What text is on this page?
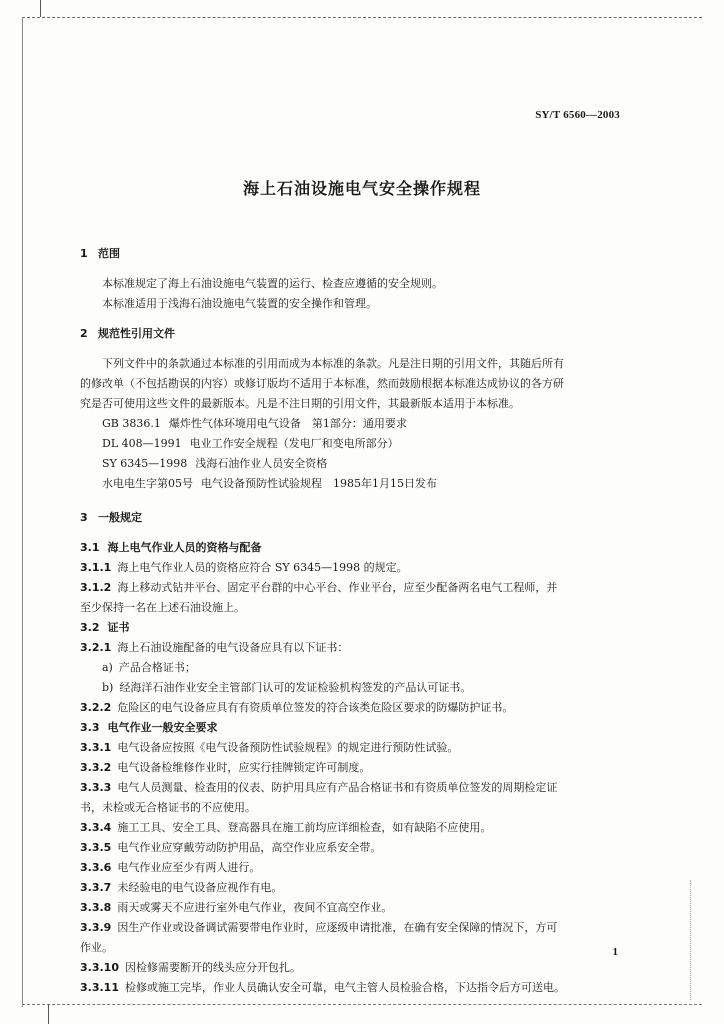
SY/T 6560—2003
海上石油设施电气安全操作规程

1 范围

本标准规定了海上石油设施电气装置的运行、检查应遵循的安全规则。

本标准适用于浅海石油设施电气装置的安全操作和管理。

2 规范性引用文件

下列文件中的条款通过本标准的引用而成为本标准的条款。凡是注日期的引用文件，其随后所有

的修改单（不包括勘误的内容）或修订版均不适用于本标准，然而鼓励根据本标准达成协议的各方研

究是否可使用这些文件的最新版本。凡是不注日期的引用文件，其最新版本适用于本标准。

GB 3836.1 爆炸性气体环境用电气设备　第1部分：通用要求

DL 408—1991 电业工作安全规程（发电厂和变电所部分）

SY 6345—1998 浅海石油作业人员安全资格

水电电生字第05号 电气设备预防性试验规程　1985年1月15日发布

3 一般规定

3.1 海上电气作业人员的资格与配备

3.1.1 海上电气作业人员的资格应符合 SY 6345—1998 的规定。

3.1.2 海上移动式钻井平台、固定平台群的中心平台、作业平台，应至少配备两名电气工程师，并

至少保持一名在上述石油设施上。

3.2 证书

3.2.1 海上石油设施配备的电气设备应具有以下证书：

a) 产品合格证书；

b) 经海洋石油作业安全主管部门认可的发证检验机构签发的产品认可证书。

3.2.2 危险区的电气设备应具有有资质单位签发的符合该类危险区要求的防爆防护证书。

3.3 电气作业一般安全要求

3.3.1 电气设备应按照《电气设备预防性试验规程》的规定进行预防性试验。

3.3.2 电气设备检维修作业时，应实行挂牌锁定许可制度。

3.3.3 电气人员测量、检查用的仪表、防护用具应有产品合格证书和有资质单位签发的周期检定证

书，未检或无合格证书的不应使用。

3.3.4 施工工具、安全工具、登高器具在施工前均应详细检查，如有缺陷不应使用。

3.3.5 电气作业应穿戴劳动防护用品，高空作业应系安全带。

3.3.6 电气作业应至少有两人进行。

3.3.7 未经验电的电气设备应视作有电。

3.3.8 雨天或雾天不应进行室外电气作业，夜间不宜高空作业。

3.3.9 因生产作业或设备调试需要带电作业时，应逐级申请批准，在确有安全保障的情况下，方可

作业。

3.3.10 因检修需要断开的线头应分开包扎。

3.3.11 检修或施工完毕，作业人员确认安全可靠，电气主管人员检验合格，下达指令后方可送电。

1
